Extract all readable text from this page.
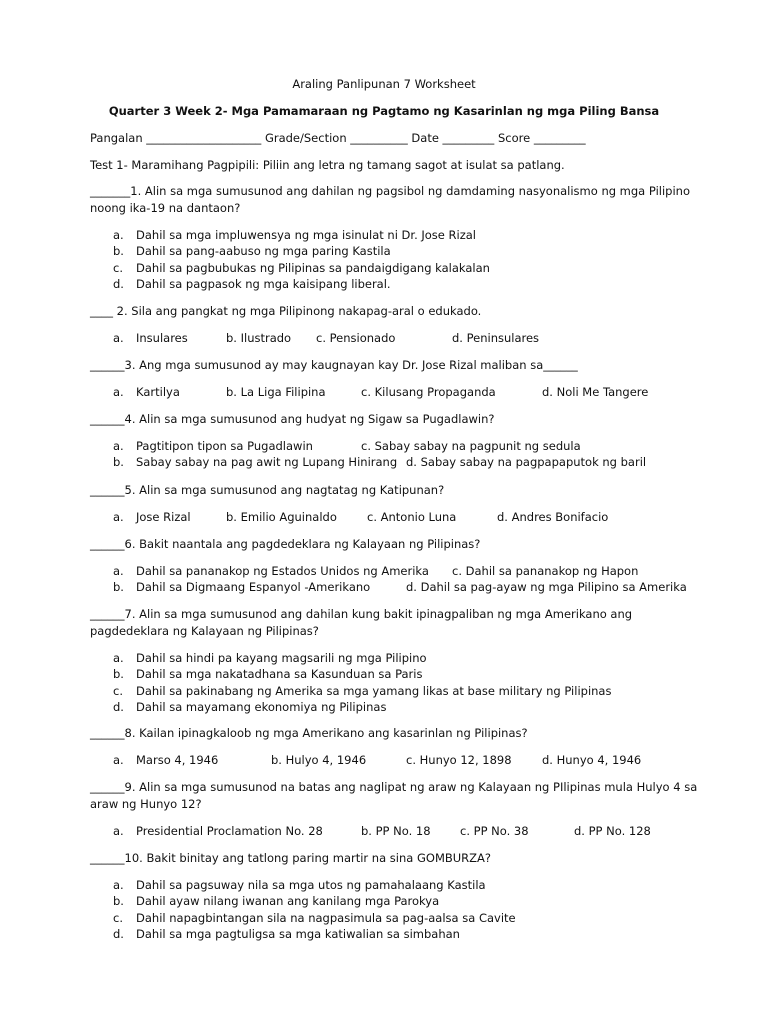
Araling Panlipunan 7 Worksheet
Quarter 3 Week 2- Mga Pamamaraan ng Pagtamo ng Kasarinlan ng mga Piling Bansa
Pangalan ____________________ Grade/Section __________ Date _________ Score _________
Test 1- Maramihang Pagpipili: Piliin ang letra ng tamang sagot at isulat sa patlang.
_______1. Alin sa mga sumusunod ang dahilan ng pagsibol ng damdaming nasyonalismo ng mga Pilipino
noong ika-19 na dantaon?
a. Dahil sa mga impluwensya ng mga isinulat ni Dr. Jose Rizal
b. Dahil sa pang-aabuso ng mga paring Kastila
c. Dahil sa pagbubukas ng Pilipinas sa pandaigdigang kalakalan
d. Dahil sa pagpasok ng mga kaisipang liberal.
____ 2. Sila ang pangkat ng mga Pilipinong nakapag-aral o edukado.
a. Insulares	b. Ilustrado c. Pensionado	d. Peninsulares
______3. Ang mga sumusunod ay may kaugnayan kay Dr. Jose Rizal maliban sa______
a. Kartilya	b. La Liga Filipina	c. Kilusang Propaganda	d. Noli Me Tangere
______4. Alin sa mga sumusunod ang hudyat ng Sigaw sa Pugadlawin?
a. Pagtitipon tipon sa Pugadlawin	c. Sabay sabay na pagpunit ng sedula
b. Sabay sabay na pag awit ng Lupang Hinirang d. Sabay sabay na pagpapaputok ng baril
______5. Alin sa mga sumusunod ang nagtatag ng Katipunan?
a. Jose Rizal	b. Emilio Aguinaldo	c. Antonio Luna	d. Andres Bonifacio
______6. Bakit naantala ang pagdedeklara ng Kalayaan ng Pilipinas?
a. Dahil sa pananakop ng Estados Unidos ng Amerika c. Dahil sa pananakop ng Hapon
b. Dahil sa Digmaang Espanyol -Amerikano	d. Dahil sa pag-ayaw ng mga Pilipino sa Amerika
______7. Alin sa mga sumusunod ang dahilan kung bakit ipinagpaliban ng mga Amerikano ang
pagdedeklara ng Kalayaan ng Pilipinas?
a. Dahil sa hindi pa kayang magsarili ng mga Pilipino
b. Dahil sa mga nakatadhana sa Kasunduan sa Paris
c. Dahil sa pakinabang ng Amerika sa mga yamang likas at base military ng Pilipinas
d. Dahil sa mayamang ekonomiya ng Pilipinas
______8. Kailan ipinagkaloob ng mga Amerikano ang kasarinlan ng Pilipinas?
a. Marso 4, 1946	b. Hulyo 4, 1946	c. Hunyo 12, 1898	d. Hunyo 4, 1946
______9. Alin sa mga sumusunod na batas ang naglipat ng araw ng Kalayaan ng PIlipinas mula Hulyo 4 sa
araw ng Hunyo 12?
a. Presidential Proclamation No. 28	b. PP No. 18	c. PP No. 38	d. PP No. 128
______10. Bakit binitay ang tatlong paring martir na sina GOMBURZA?
a. Dahil sa pagsuway nila sa mga utos ng pamahalaang Kastila
b. Dahil ayaw nilang iwanan ang kanilang mga Parokya
c. Dahil napagbintangan sila na nagpasimula sa pag-aalsa sa Cavite
d. Dahil sa mga pagtuligsa sa mga katiwalian sa simbahan
